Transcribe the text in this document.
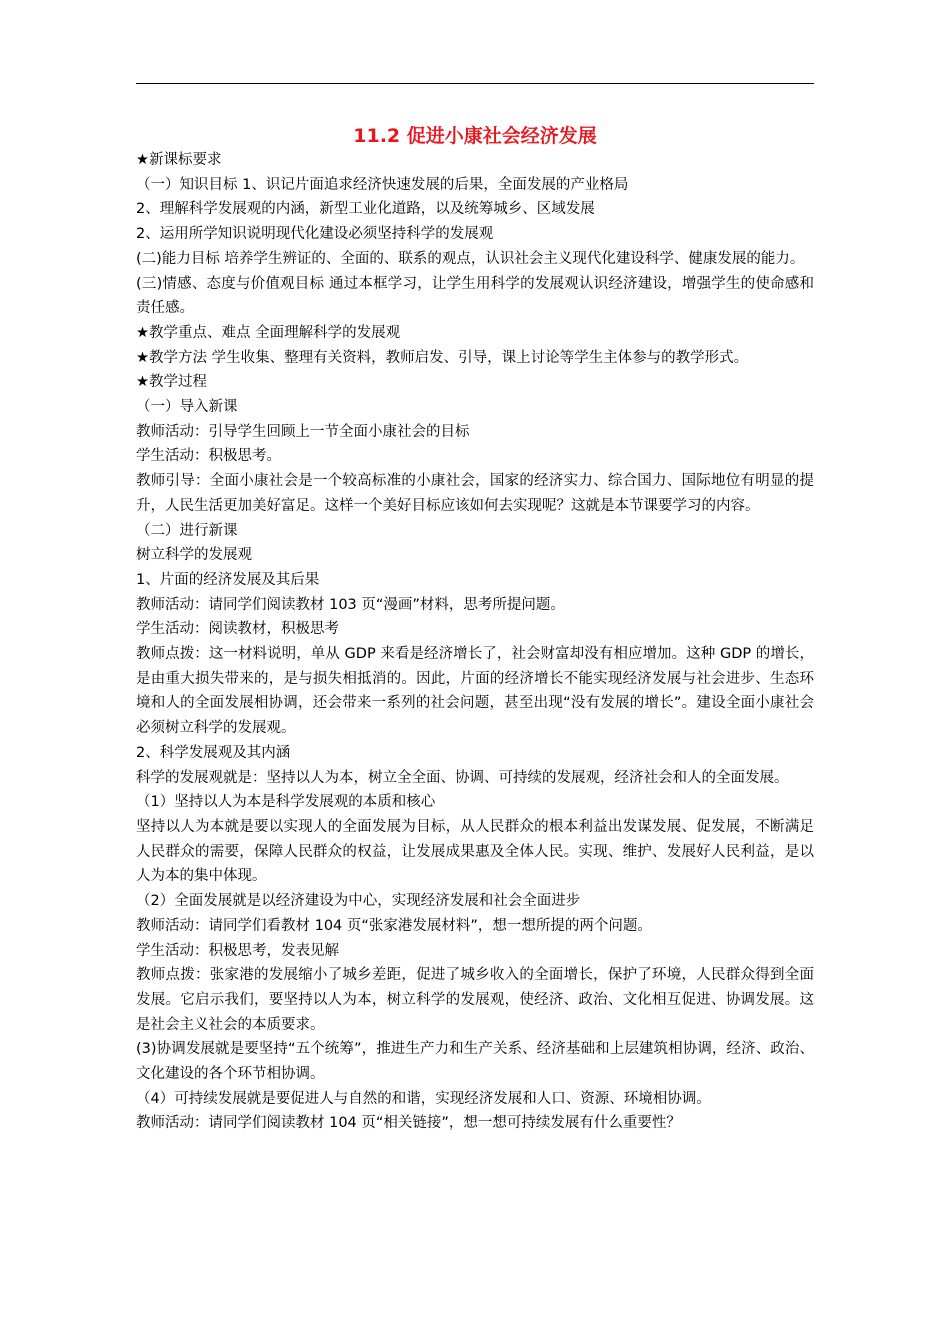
11.2 促进小康社会经济发展

★新课标要求

（一）知识目标 1、识记片面追求经济快速发展的后果，全面发展的产业格局

2、理解科学发展观的内涵，新型工业化道路，以及统筹城乡、区域发展

2、运用所学知识说明现代化建设必须坚持科学的发展观

(二)能力目标 培养学生辨证的、全面的、联系的观点，认识社会主义现代化建设科学、健康发展的能力。

(三)情感、态度与价值观目标 通过本框学习，让学生用科学的发展观认识经济建设，增强学生的使命感和责任感。

★教学重点、难点 全面理解科学的发展观

★教学方法 学生收集、整理有关资料，教师启发、引导，课上讨论等学生主体参与的教学形式。

★教学过程

（一）导入新课

教师活动：引导学生回顾上一节全面小康社会的目标

学生活动：积极思考。

教师引导：全面小康社会是一个较高标准的小康社会，国家的经济实力、综合国力、国际地位有明显的提升，人民生活更加美好富足。这样一个美好目标应该如何去实现呢？这就是本节课要学习的内容。

（二）进行新课

树立科学的发展观

1、片面的经济发展及其后果

教师活动：请同学们阅读教材 103 页“漫画”材料，思考所提问题。

学生活动：阅读教材，积极思考

教师点拨：这一材料说明，单从 GDP 来看是经济增长了，社会财富却没有相应增加。这种 GDP 的增长，是由重大损失带来的，是与损失相抵消的。因此，片面的经济增长不能实现经济发展与社会进步、生态环境和人的全面发展相协调，还会带来一系列的社会问题，甚至出现“没有发展的增长”。建设全面小康社会必须树立科学的发展观。

2、科学发展观及其内涵

科学的发展观就是：坚持以人为本，树立全全面、协调、可持续的发展观，经济社会和人的全面发展。

（1）坚持以人为本是科学发展观的本质和核心

坚持以人为本就是要以实现人的全面发展为目标，从人民群众的根本利益出发谋发展、促发展，不断满足人民群众的需要，保障人民群众的权益，让发展成果惠及全体人民。实现、维护、发展好人民利益，是以人为本的集中体现。

（2）全面发展就是以经济建设为中心，实现经济发展和社会全面进步

教师活动：请同学们看教材 104 页“张家港发展材料”，想一想所提的两个问题。

学生活动：积极思考，发表见解

教师点拨：张家港的发展缩小了城乡差距，促进了城乡收入的全面增长，保护了环境，人民群众得到全面发展。它启示我们，要坚持以人为本，树立科学的发展观，使经济、政治、文化相互促进、协调发展。这是社会主义社会的本质要求。

(3)协调发展就是要坚持“五个统筹”，推进生产力和生产关系、经济基础和上层建筑相协调，经济、政治、文化建设的各个环节相协调。

（4）可持续发展就是要促进人与自然的和谐，实现经济发展和人口、资源、环境相协调。

教师活动：请同学们阅读教材 104 页“相关链接”，想一想可持续发展有什么重要性？
